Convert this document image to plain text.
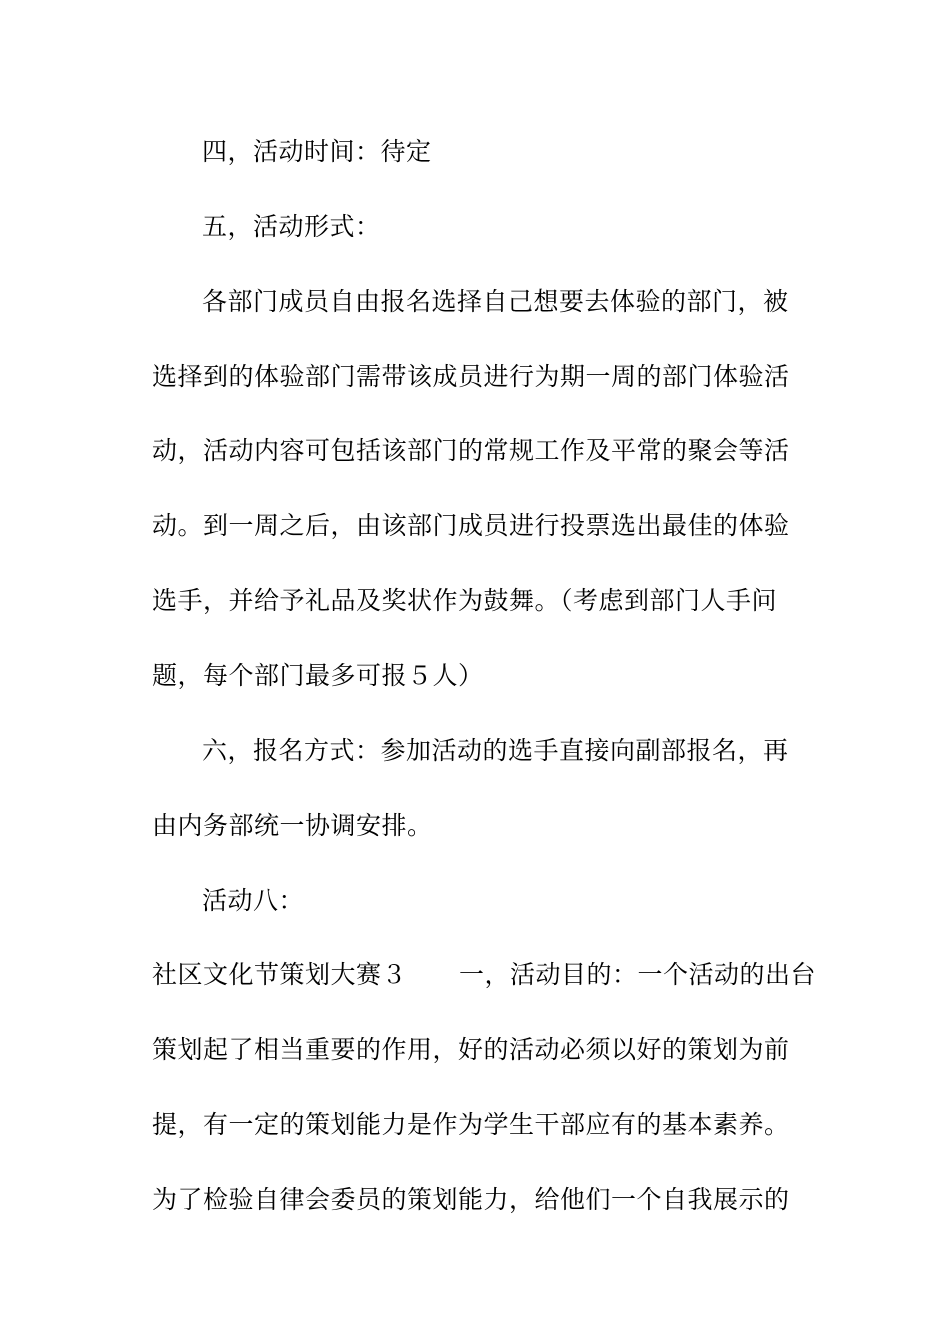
四，活动时间：待定
五，活动形式：
各部门成员自由报名选择自己想要去体验的部门，被
选择到的体验部门需带该成员进行为期一周的部门体验活
动，活动内容可包括该部门的常规工作及平常的聚会等活
动。到一周之后，由该部门成员进行投票选出最佳的体验
选手，并给予礼品及奖状作为鼓舞。（考虑到部门人手问
题，每个部门最多可报５人）
六，报名方式：参加活动的选手直接向副部报名，再
由内务部统一协调安排。
活动八：
社区文化节策划大赛３ 一，活动目的：一个活动的出台
策划起了相当重要的作用，好的活动必须以好的策划为前
提，有一定的策划能力是作为学生干部应有的基本素养。
为了检验自律会委员的策划能力，给他们一个自我展示的
